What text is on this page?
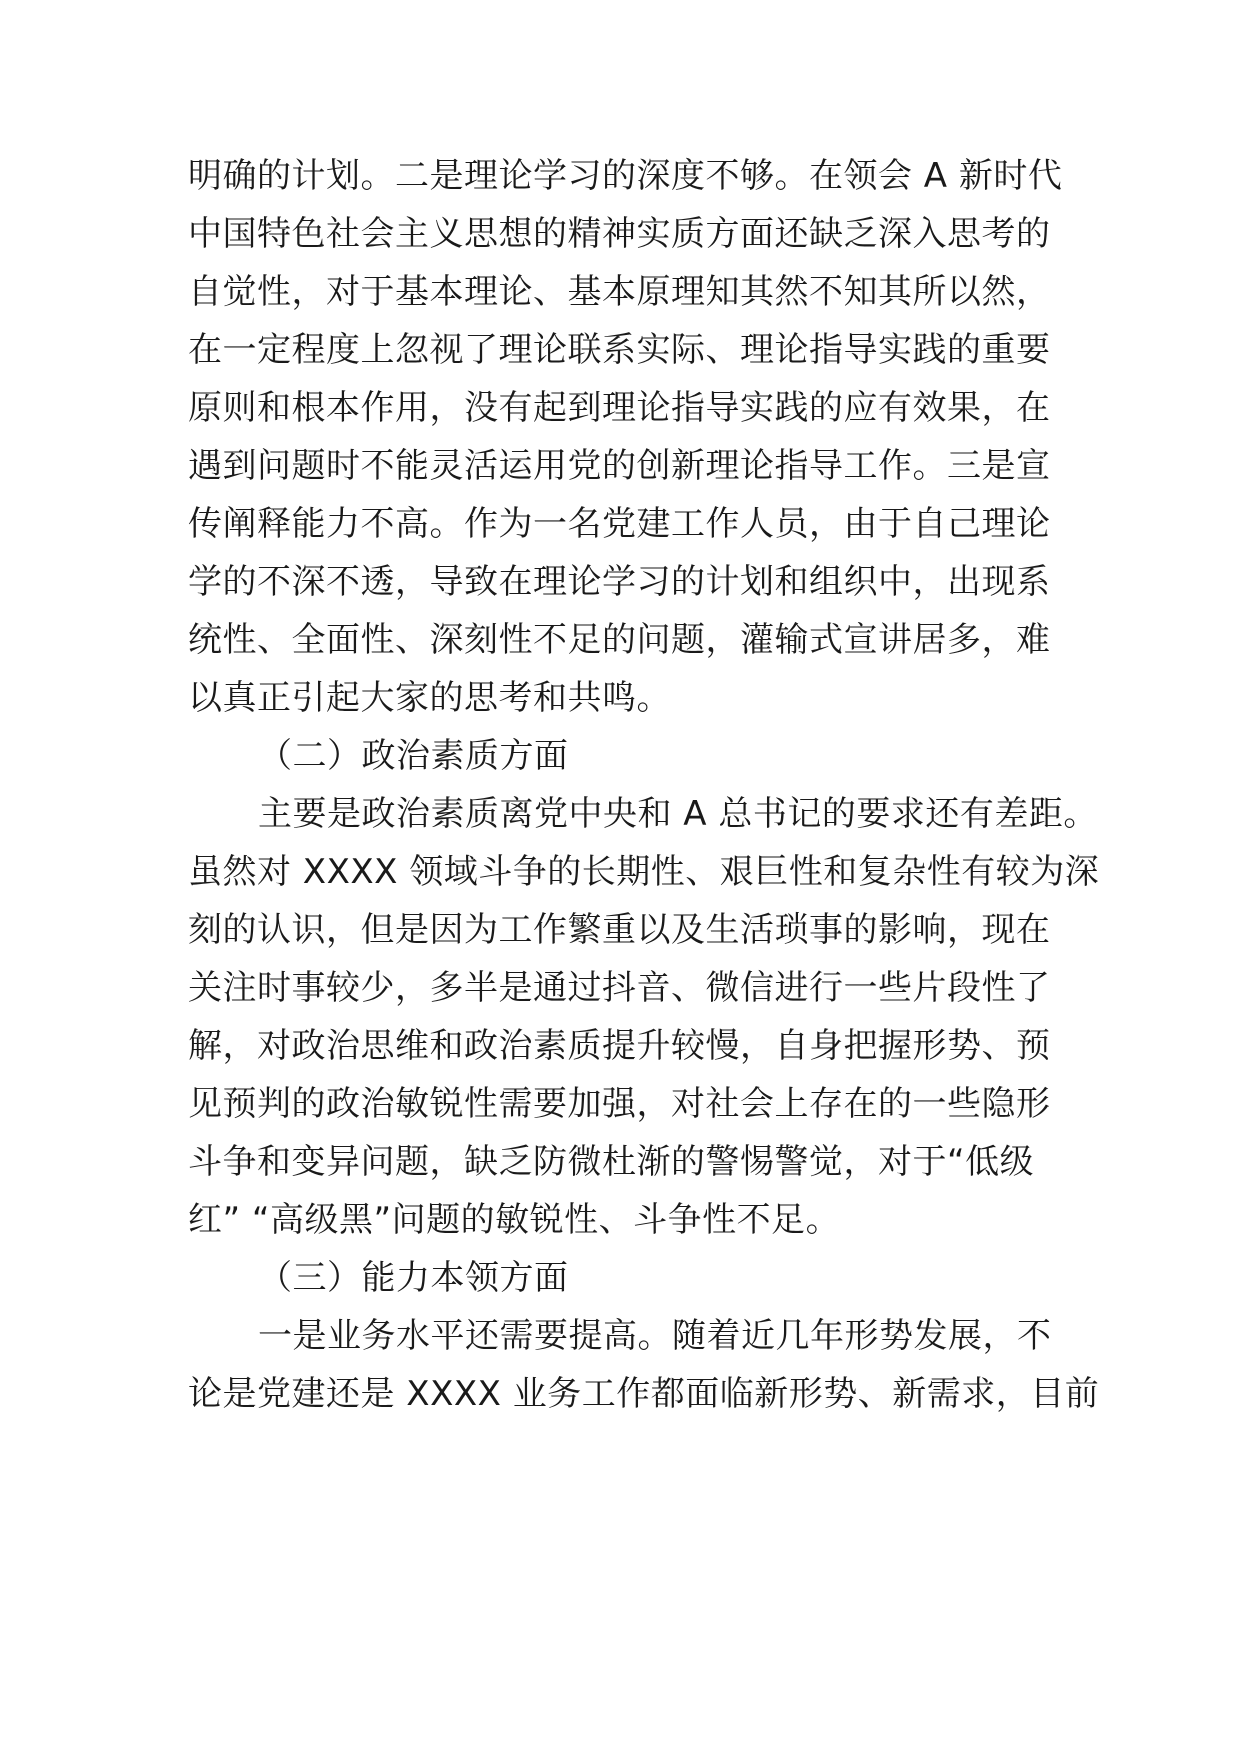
明确的计划。二是理论学习的深度不够。在领会 A 新时代

中国特色社会主义思想的精神实质方面还缺乏深入思考的

自觉性，对于基本理论、基本原理知其然不知其所以然，

在一定程度上忽视了理论联系实际、理论指导实践的重要

原则和根本作用，没有起到理论指导实践的应有效果，在

遇到问题时不能灵活运用党的创新理论指导工作。三是宣

传阐释能力不高。作为一名党建工作人员，由于自己理论

学的不深不透，导致在理论学习的计划和组织中，出现系

统性、全面性、深刻性不足的问题，灌输式宣讲居多，难

以真正引起大家的思考和共鸣。

（二）政治素质方面

主要是政治素质离党中央和 A 总书记的要求还有差距。

虽然对 XXXX 领域斗争的长期性、艰巨性和复杂性有较为深

刻的认识，但是因为工作繁重以及生活琐事的影响，现在

关注时事较少，多半是通过抖音、微信进行一些片段性了

解，对政治思维和政治素质提升较慢，自身把握形势、预

见预判的政治敏锐性需要加强，对社会上存在的一些隐形

斗争和变异问题，缺乏防微杜渐的警惕警觉，对于“低级

红” “高级黑”问题的敏锐性、斗争性不足。

（三）能力本领方面

一是业务水平还需要提高。随着近几年形势发展，不

论是党建还是 XXXX 业务工作都面临新形势、新需求，目前
